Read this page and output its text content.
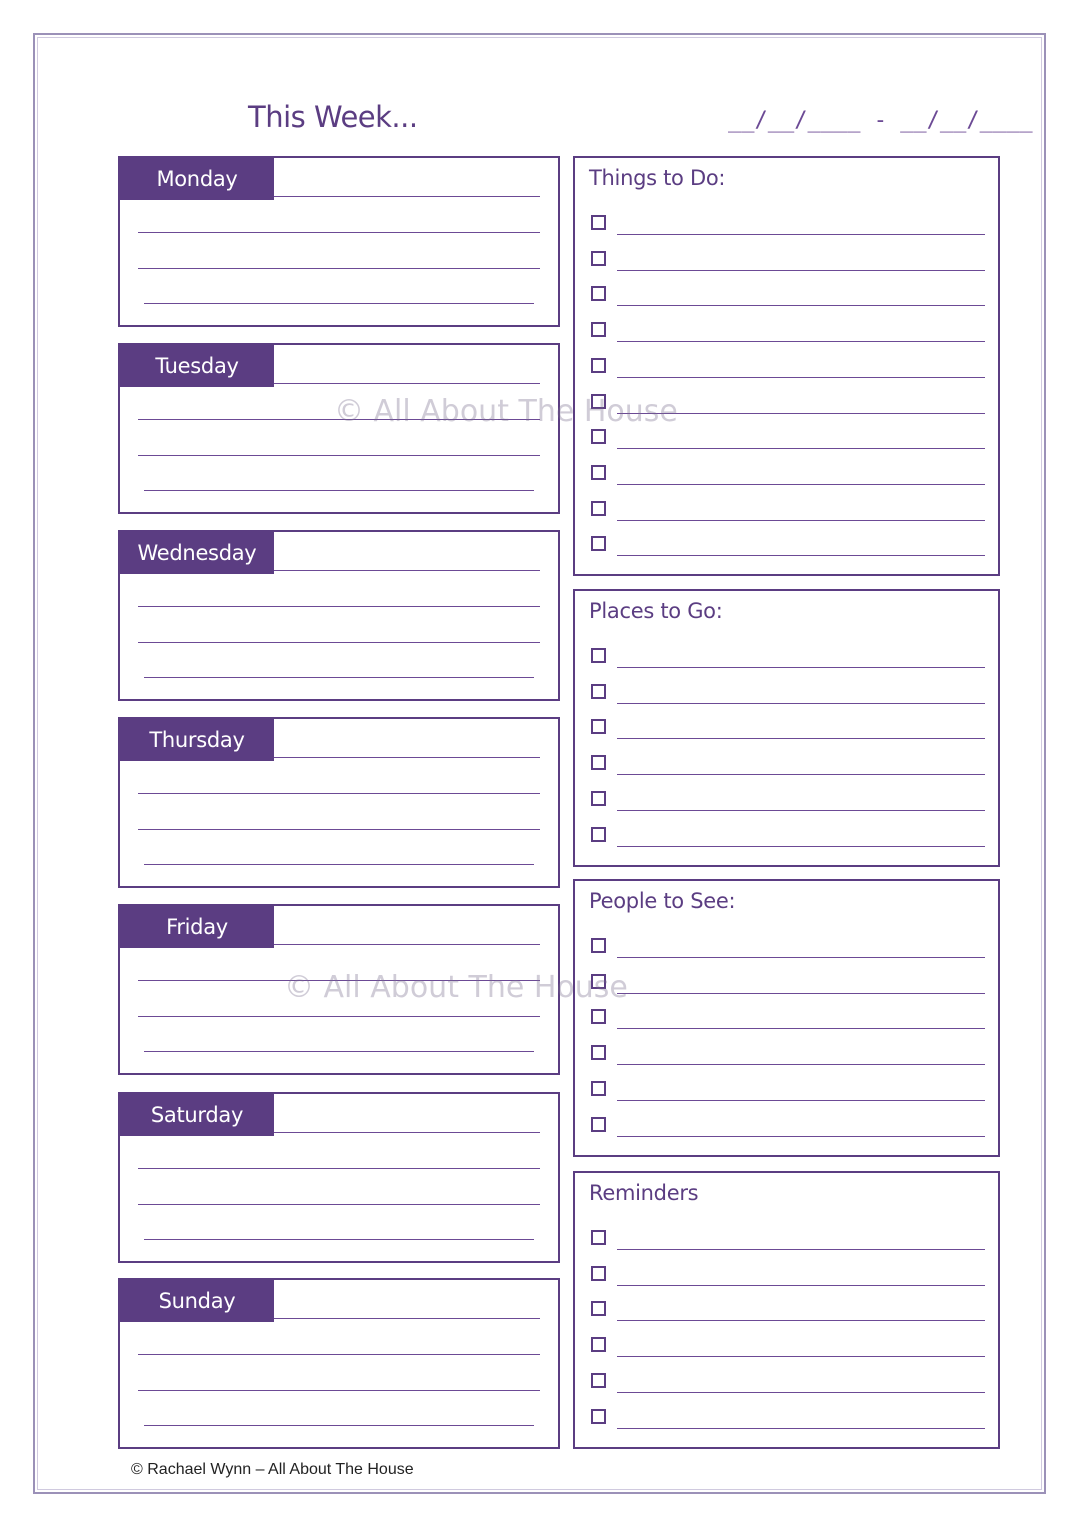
This Week...	__/__/____ - __/__/____
Monday
Tuesday
Wednesday
Thursday
Friday
Saturday
Sunday
Things to Do:
Places to Go:
People to See:
Reminders
© All About The House
© All About The House
© Rachael Wynn – All About The House
